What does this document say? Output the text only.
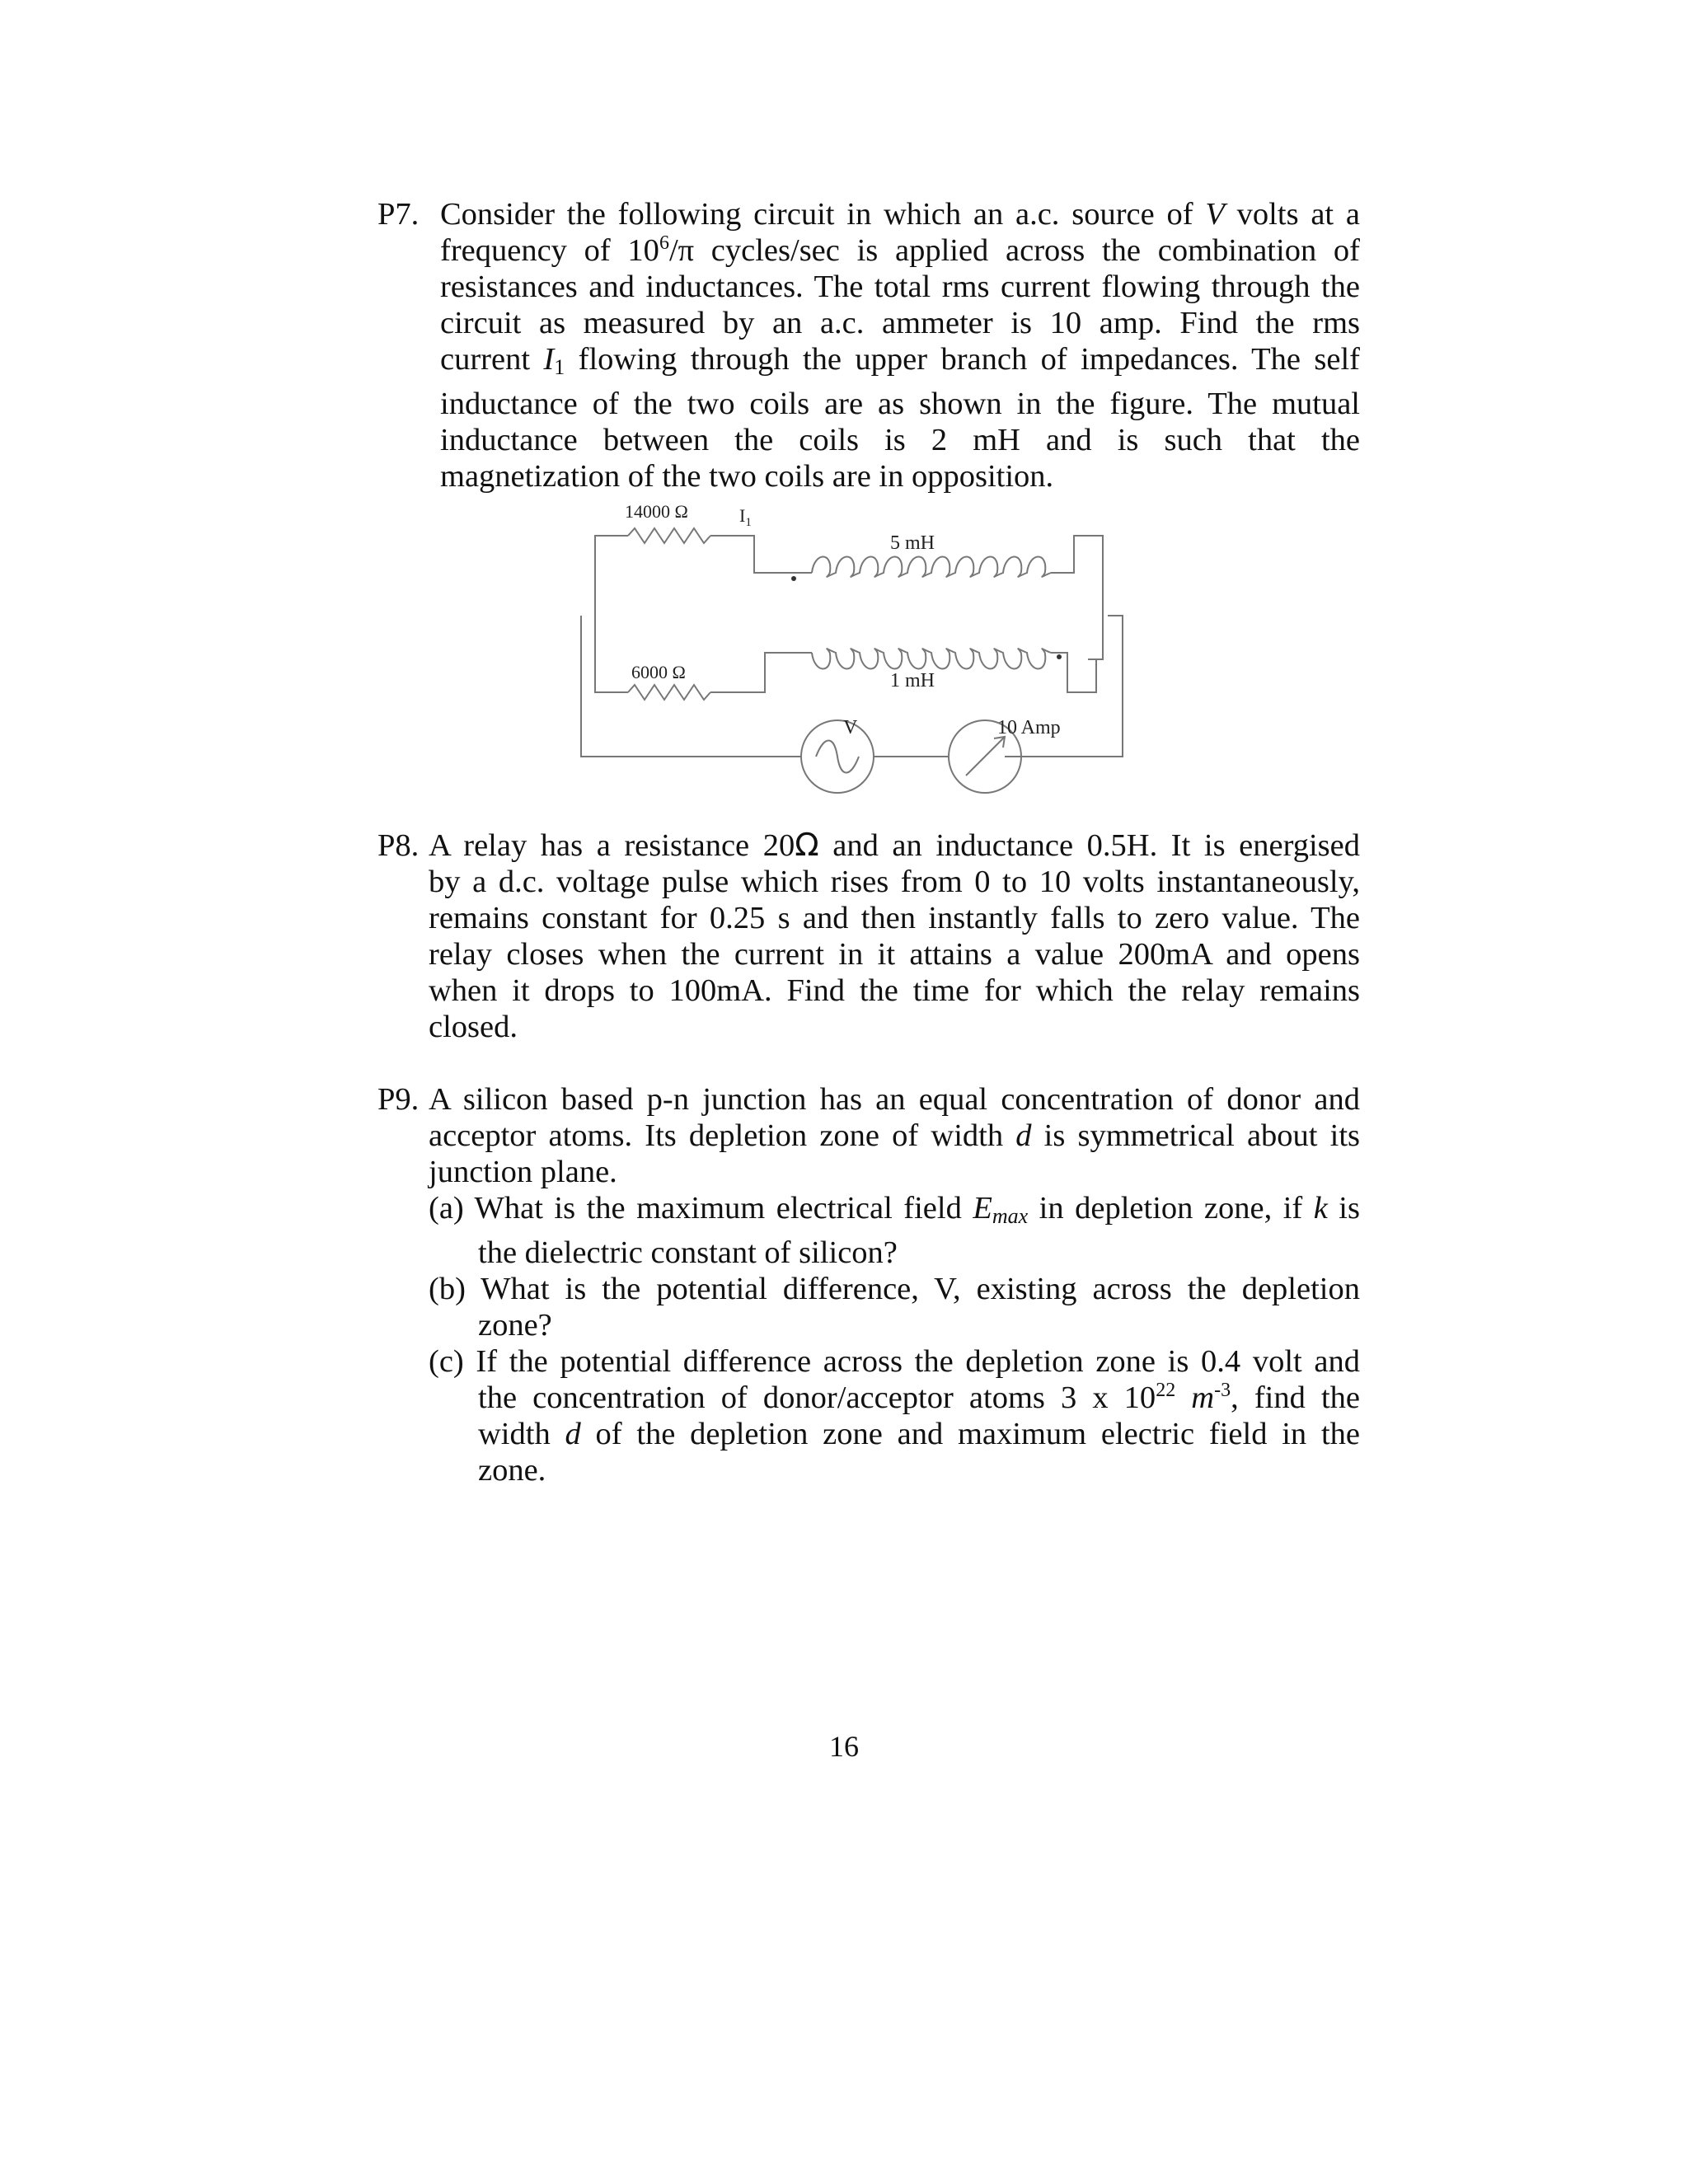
P7. Consider the following circuit in which an a.c. source of V volts at a
frequency of $10^6/\pi$ cycles/sec is applied across the combination of
resistances and inductances. The total rms current flowing through the
circuit as measured by an a.c. ammeter is 10 amp. Find the rms
current I1 flowing through the upper branch of impedances. The self
inductance of the two coils are as shown in the figure. The mutual
inductance between the coils is 2 mH and is such that the
magnetization of the two coils are in opposition.
14000 Ω	$I_1$
5 mH
6000 Ω	1 mH
V	10 Amp
P8. A relay has a resistance 20Ω and an inductance 0.5H. It is energised
by a d.c. voltage pulse which rises from 0 to 10 volts instantaneously,
remains constant for 0.25 s and then instantly falls to zero value. The
relay closes when the current in it attains a value 200mA and opens
when it drops to 100mA. Find the time for which the relay remains
closed.
P9. A silicon based p-n junction has an equal concentration of donor and
acceptor atoms. Its depletion zone of width d is symmetrical about its
junction plane.
(a) What is the maximum electrical field Emax in depletion zone, if k is
the dielectric constant of silicon?
(b) What is the potential difference, V, existing across the depletion
zone?
(c) If the potential difference across the depletion zone is 0.4 volt and
the concentration of donor/acceptor atoms 3 x $10^{22}$ $m^{-3}$, find the
width d of the depletion zone and maximum electric field in the
zone.
16
